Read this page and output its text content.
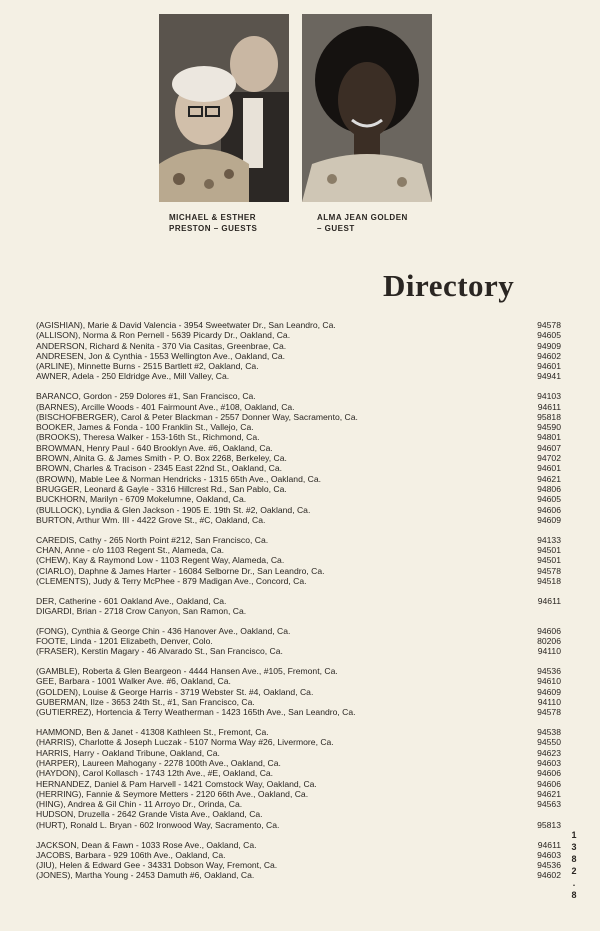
MICHAEL & ESTHER
PRESTON – GUESTS
ALMA JEAN GOLDEN
– GUEST
Directory
(AGISHIAN), Marie & David Valencia - 3954 Sweetwater Dr., San Leandro, Ca.	94578
(ALLISON), Norma & Ron Pernell - 5639 Picardy Dr., Oakland, Ca.	94605
ANDERSON, Richard & Nenita - 370 Via Casitas, Greenbrae, Ca.	94909
ANDRESEN, Jon & Cynthia - 1553 Wellington Ave., Oakland, Ca.	94602
(ARLINE), Minnette Burns - 2515 Bartlett #2, Oakland, Ca.	94601
AWNER, Adela - 250 Eldridge Ave., Mill Valley, Ca.	94941
BARANCO, Gordon - 259 Dolores #1, San Francisco, Ca.	94103
(BARNES), Arcille Woods - 401 Fairmount Ave., #108, Oakland, Ca.	94611
(BISCHOFBERGER), Carol & Peter Blackman - 2557 Donner Way, Sacramento, Ca.	95818
BOOKER, James & Fonda - 100 Franklin St., Vallejo, Ca.	94590
(BROOKS), Theresa Walker - 153-16th St., Richmond, Ca.	94801
BROWMAN, Henry Paul - 640 Brooklyn Ave. #6, Oakland, Ca.	94607
BROWN, Alnita G. & James Smith - P. O. Box 2268, Berkeley, Ca.	94702
BROWN, Charles & Tracison - 2345 East 22nd St., Oakland, Ca.	94601
(BROWN), Mable Lee & Norman Hendricks - 1315 65th Ave., Oakland, Ca.	94621
BRUGGER, Leonard & Gayle - 3316 Hillcrest Rd., San Pablo, Ca.	94806
BUCKHORN, Marilyn - 6709 Mokelumne, Oakland, Ca.	94605
(BULLOCK), Lyndia & Glen Jackson - 1905 E. 19th St. #2, Oakland, Ca.	94606
BURTON, Arthur Wm. III - 4422 Grove St., #C, Oakland, Ca.	94609
CAREDIS, Cathy - 265 North Point #212, San Francisco, Ca.	94133
CHAN, Anne - c/o 1103 Regent St., Alameda, Ca.	94501
(CHEW), Kay & Raymond Low - 1103 Regent Way, Alameda, Ca.	94501
(CIARLO), Daphne & James Harter - 16084 Selborne Dr., San Leandro, Ca.	94578
(CLEMENTS), Judy & Terry McPhee - 879 Madigan Ave., Concord, Ca.	94518
DER, Catherine - 601 Oakland Ave., Oakland, Ca.	94611
DIGARDI, Brian - 2718 Crow Canyon, San Ramon, Ca.
(FONG), Cynthia & George Chin - 436 Hanover Ave., Oakland, Ca.	94606
FOOTE, Linda - 1201 Elizabeth, Denver, Colo.	80206
(FRASER), Kerstin Magary - 46 Alvarado St., San Francisco, Ca.	94110
(GAMBLE), Roberta & Glen Beargeon - 4444 Hansen Ave., #105, Fremont, Ca.	94536
GEE, Barbara - 1001 Walker Ave. #6, Oakland, Ca.	94610
(GOLDEN), Louise & George Harris - 3719 Webster St. #4, Oakland, Ca.	94609
GUBERMAN, Ilze - 3653 24th St., #1, San Francisco, Ca.	94110
(GUTIERREZ), Hortencia & Terry Weatherman - 1423 165th Ave., San Leandro, Ca.	94578
HAMMOND, Ben & Janet - 41308 Kathleen St., Fremont, Ca.	94538
(HARRIS), Charlotte & Joseph Luczak - 5107 Norma Way #26, Livermore, Ca.	94550
HARRIS, Harry - Oakland Tribune, Oakland, Ca.	94623
(HARPER), Laureen Mahogany - 2278 100th Ave., Oakland, Ca.	94603
(HAYDON), Carol Kollasch - 1743 12th Ave., #E, Oakland, Ca.	94606
HERNANDEZ, Daniel & Pam Harvell - 1421 Comstock Way, Oakland, Ca.	94606
(HERRING), Fannie & Seymore Metters - 2120 66th Ave., Oakland, Ca.	94621
(HING), Andrea & Gil Chin - 11 Arroyo Dr., Orinda, Ca.	94563
HUDSON, Druzella - 2642 Grande Vista Ave., Oakland, Ca.
(HURT), Ronald L. Bryan - 602 Ironwood Way, Sacramento, Ca.	95813
JACKSON, Dean & Fawn - 1033 Rose Ave., Oakland, Ca.	94611
JACOBS, Barbara - 929 106th Ave., Oakland, Ca.	94603
(JIU), Helen & Edward Gee - 34331 Dobson Way, Fremont, Ca.	94536
(JONES), Martha Young - 2453 Damuth #6, Oakland, Ca.	94602
1
3
8
2
.
8
